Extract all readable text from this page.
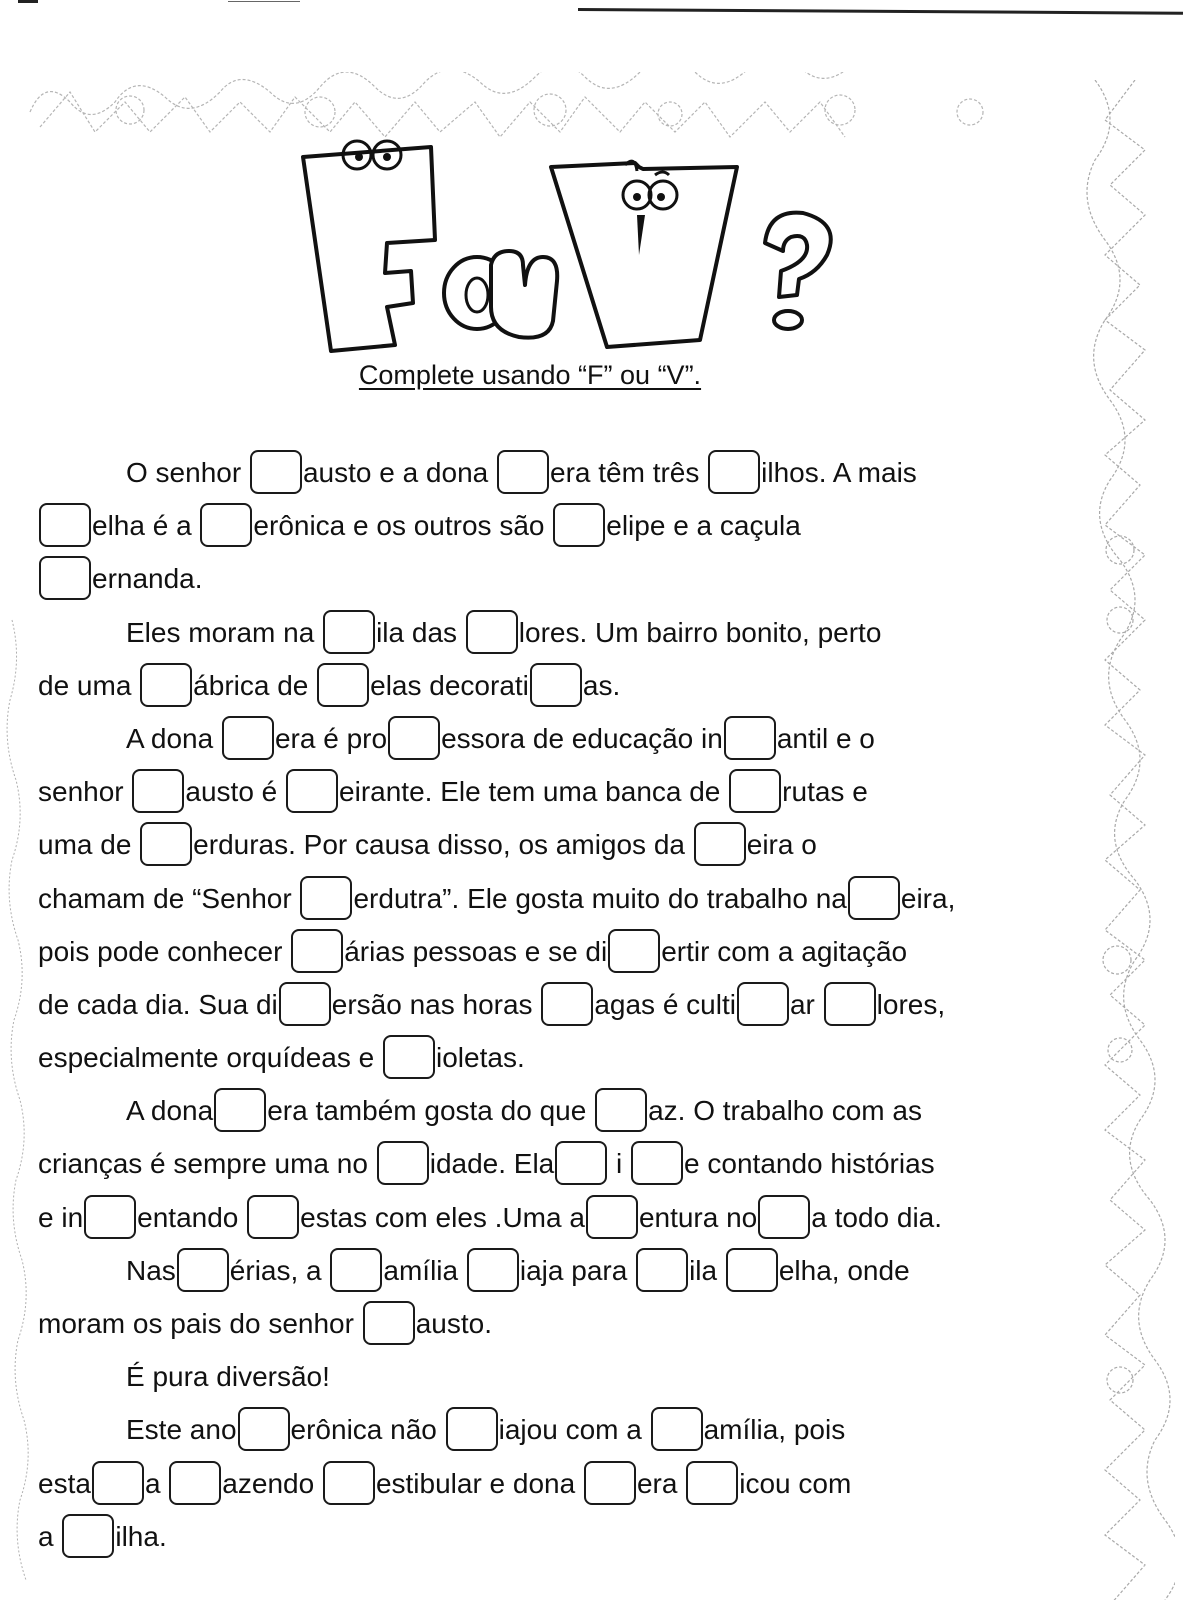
Complete usando “F” ou “V”.
O senhor austo e a dona era têm três ilhos. A mais
elha é a erônica e os outros são elipe e a caçula
ernanda.
Eles moram na ila das lores. Um bairro bonito, perto
de uma ábrica de elas decorati as.
A dona era é pro essora de educação in antil e o
senhor austo é eirante. Ele tem uma banca de rutas e
uma de erduras. Por causa disso, os amigos da eira o
chamam de “Senhor erdutra”. Ele gosta muito do trabalho na eira,
pois pode conhecer árias pessoas e se di ertir com a agitação
de cada dia. Sua di ersão nas horas agas é culti ar lores,
especialmente orquídeas e ioletas.
A dona era também gosta do que az. O trabalho com as
crianças é sempre uma no idade. Ela i e contando histórias
e in entando estas com eles .Uma a entura no a todo dia.
Nas érias, a amília iaja para ila elha, onde
moram os pais do senhor austo.
É pura diversão!
Este ano erônica não iajou com a amília, pois
esta a azendo estibular e dona era icou com
a ilha.
